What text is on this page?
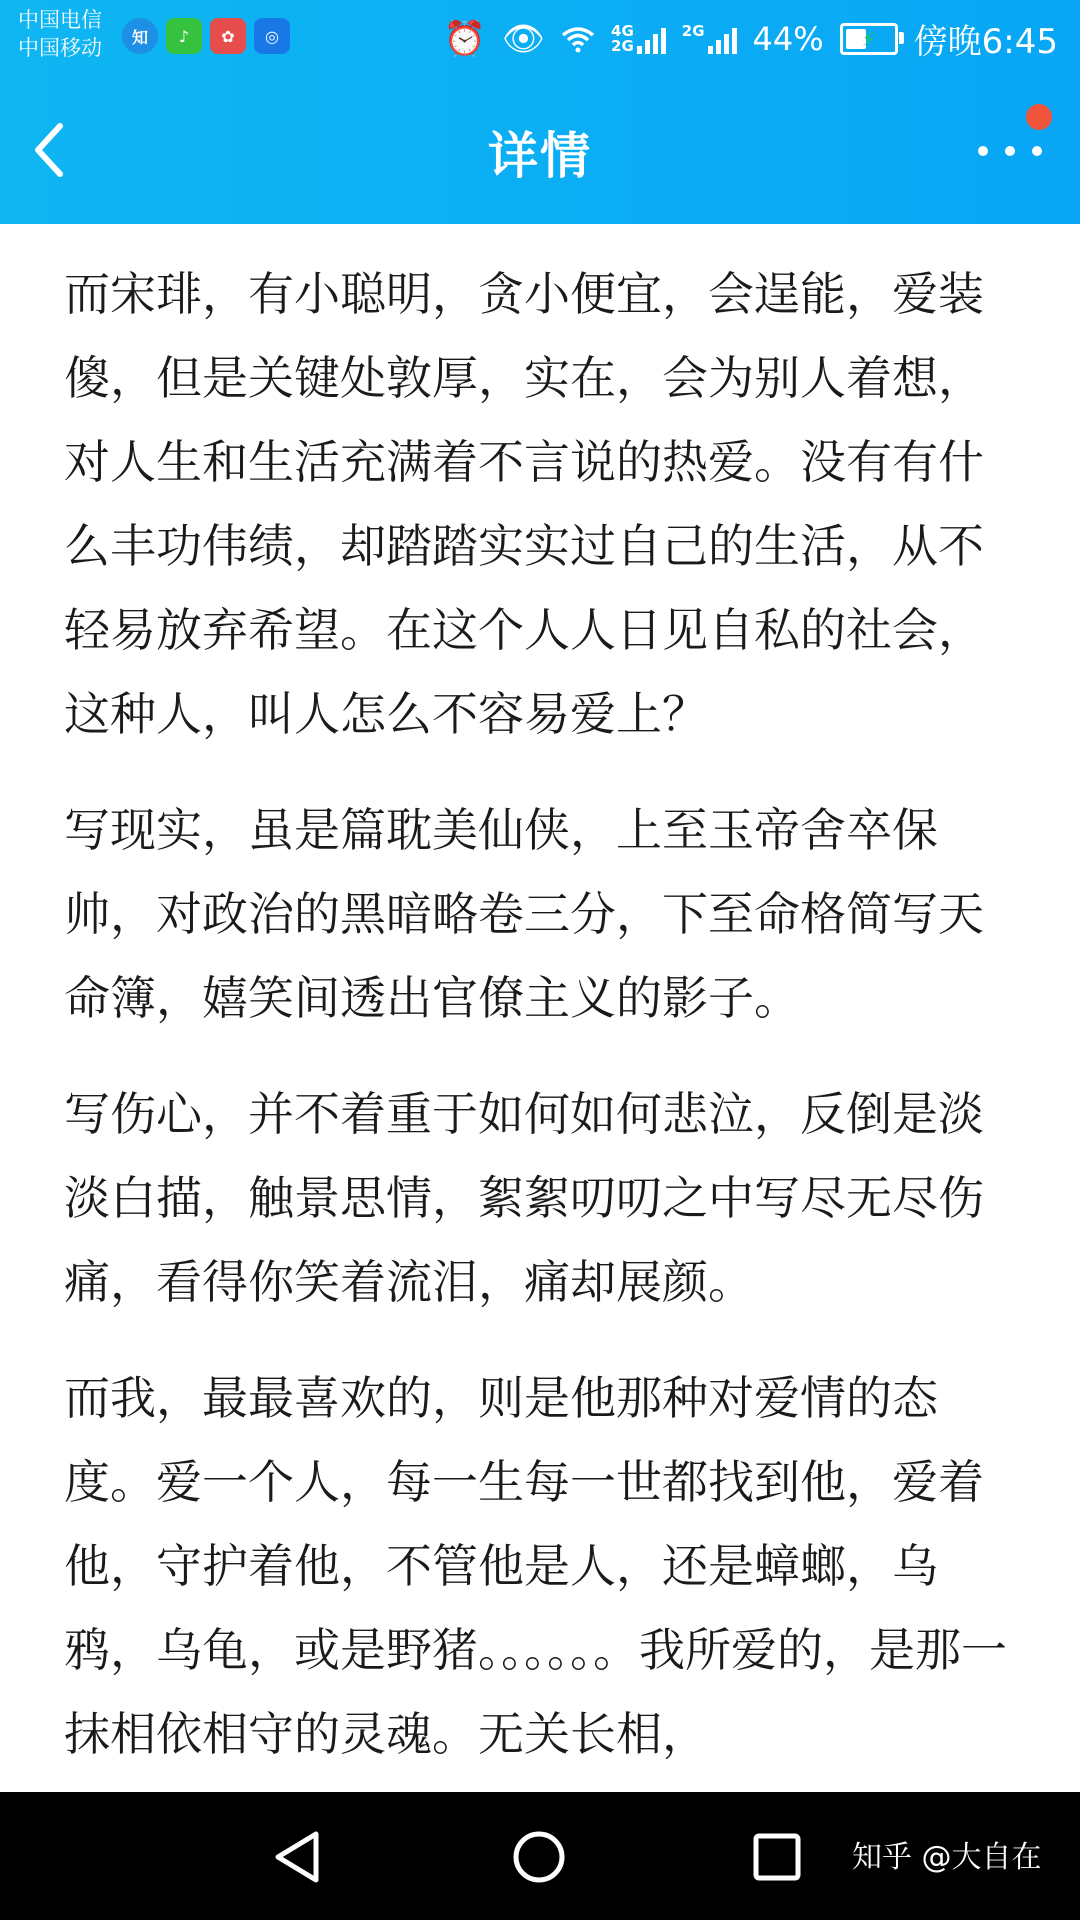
中国电信
中国移动 知	♪	✿	◎	⏰ 👁	4G
2G
2G 44% ⚡ 傍晚6:45
详情

而宋琲，有小聪明，贪小便宜，会逞能，爱装傻，但是关键处敦厚，实在，会为别人着想，对人生和生活充满着不言说的热爱。没有有什么丰功伟绩，却踏踏实实过自己的生活，从不轻易放弃希望。在这个人人日见自私的社会，这种人，叫人怎么不容易爱上？

写现实，虽是篇耽美仙侠，上至玉帝舍卒保帅，对政治的黑暗略卷三分，下至命格简写天命簿，嬉笑间透出官僚主义的影子。

写伤心，并不着重于如何如何悲泣，反倒是淡淡白描，触景思情，絮絮叨叨之中写尽无尽伤痛，看得你笑着流泪，痛却展颜。

而我，最最喜欢的，则是他那种对爱情的态度。爱一个人，每一生每一世都找到他，爱着他，守护着他，不管他是人，还是蟑螂，乌鸦，乌龟，或是野猪。。。。。。我所爱的，是那一抹相依相守的灵魂。无关长相，

知乎 @大自在
